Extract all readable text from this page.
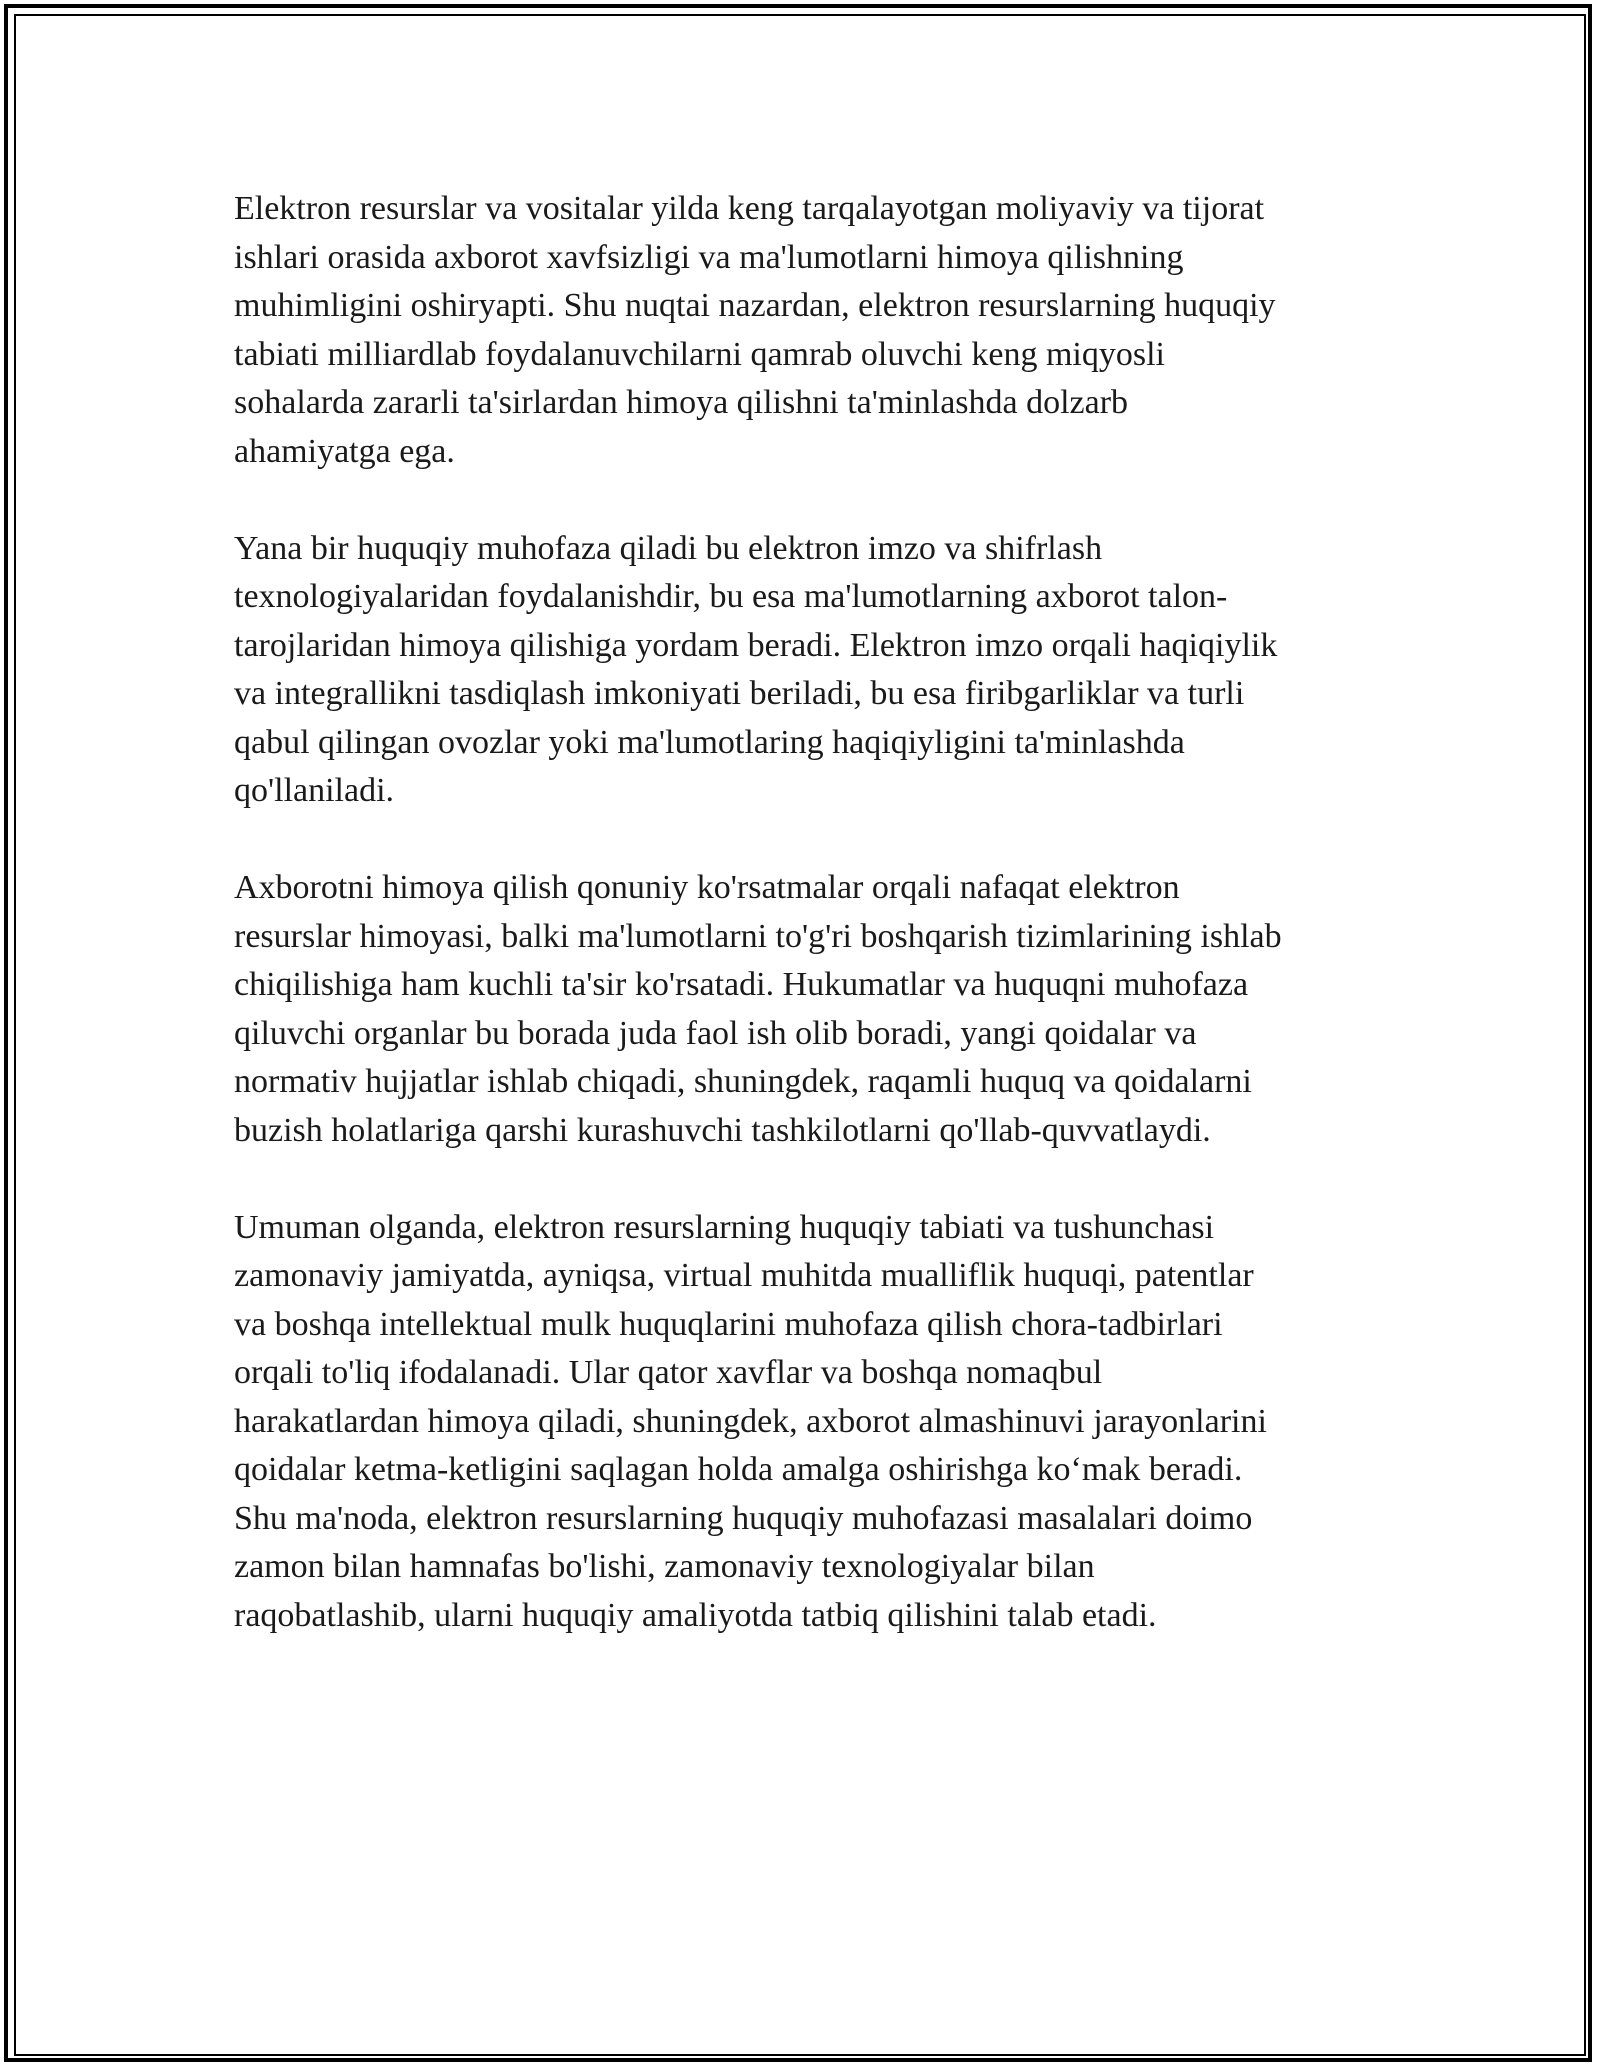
Elektron resurslar va vositalar yilda keng tarqalayotgan moliyaviy va tijorat
ishlari orasida axborot xavfsizligi va ma'lumotlarni himoya qilishning
muhimligini oshiryapti. Shu nuqtai nazardan, elektron resurslarning huquqiy
tabiati milliardlab foydalanuvchilarni qamrab oluvchi keng miqyosli
sohalarda zararli ta'sirlardan himoya qilishni ta'minlashda dolzarb
ahamiyatga ega.

Yana bir huquqiy muhofaza qiladi bu elektron imzo va shifrlash
texnologiyalaridan foydalanishdir, bu esa ma'lumotlarning axborot talon-
tarojlaridan himoya qilishiga yordam beradi. Elektron imzo orqali haqiqiylik
va integrallikni tasdiqlash imkoniyati beriladi, bu esa firibgarliklar va turli
qabul qilingan ovozlar yoki ma'lumotlaring haqiqiyligini ta'minlashda
qo'llaniladi.

Axborotni himoya qilish qonuniy ko'rsatmalar orqali nafaqat elektron
resurslar himoyasi, balki ma'lumotlarni to'g'ri boshqarish tizimlarining ishlab
chiqilishiga ham kuchli ta'sir ko'rsatadi. Hukumatlar va huquqni muhofaza
qiluvchi organlar bu borada juda faol ish olib boradi, yangi qoidalar va
normativ hujjatlar ishlab chiqadi, shuningdek, raqamli huquq va qoidalarni
buzish holatlariga qarshi kurashuvchi tashkilotlarni qo'llab-quvvatlaydi.

Umuman olganda, elektron resurslarning huquqiy tabiati va tushunchasi
zamonaviy jamiyatda, ayniqsa, virtual muhitda mualliflik huquqi, patentlar
va boshqa intellektual mulk huquqlarini muhofaza qilish chora-tadbirlari
orqali to'liq ifodalanadi. Ular qator xavflar va boshqa nomaqbul
harakatlardan himoya qiladi, shuningdek, axborot almashinuvi jarayonlarini
qoidalar ketma-ketligini saqlagan holda amalga oshirishga ko‘mak beradi.
Shu ma'noda, elektron resurslarning huquqiy muhofazasi masalalari doimo
zamon bilan hamnafas bo'lishi, zamonaviy texnologiyalar bilan
raqobatlashib, ularni huquqiy amaliyotda tatbiq qilishini talab etadi.
